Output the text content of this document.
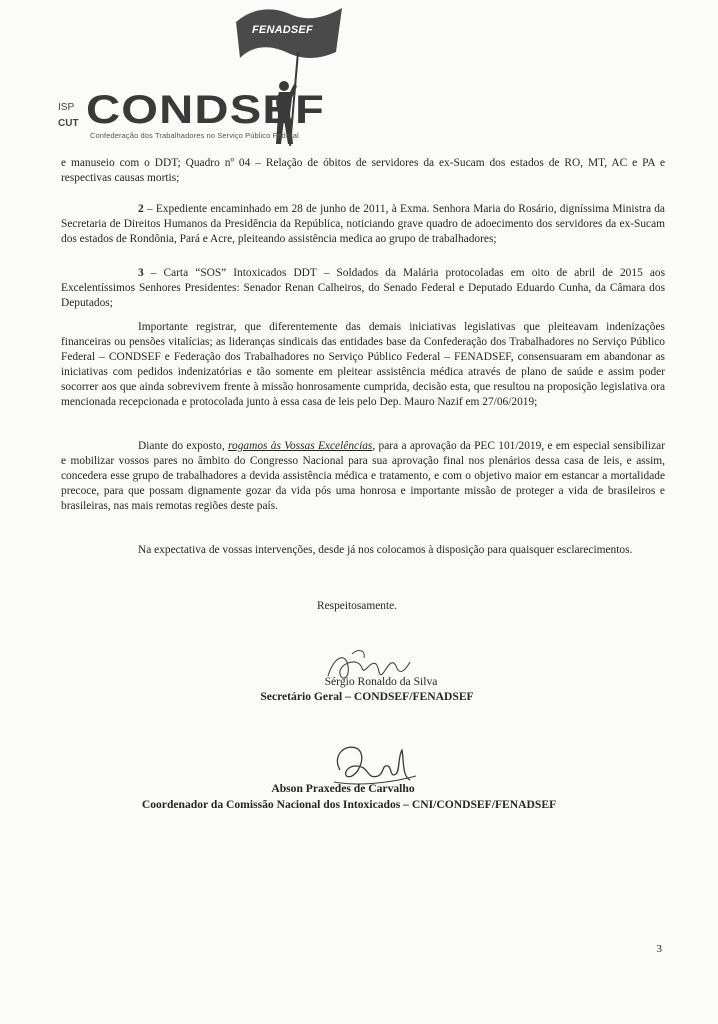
FENADSEF
ISP
CUT CONDSEF
Confederação dos Trabalhadores no Serviço Público Federal

e manuseio com o DDT; Quadro nº 04 – Relação de óbitos de servidores da ex-Sucam dos estados de RO, MT, AC e PA e respectivas causas mortis;

2 – Expediente encaminhado em 28 de junho de 2011, à Exma. Senhora Maria do Rosário, digníssima Ministra da Secretaria de Direitos Humanos da Presidência da República, noticiando grave quadro de adoecimento dos servidores da ex-Sucam dos estados de Rondônia, Pará e Acre, pleiteando assistência medica ao grupo de trabalhadores;

3 – Carta “SOS” Intoxicados DDT – Soldados da Malária protocoladas em oito de abril de 2015 aos Excelentíssimos Senhores Presidentes: Senador Renan Calheiros, do Senado Federal e Deputado Eduardo Cunha, da Câmara dos Deputados;

Importante registrar, que diferentemente das demais iniciativas legislativas que pleiteavam indenizações financeiras ou pensões vitalícias; as lideranças sindicais das entidades base da Confederação dos Trabalhadores no Serviço Público Federal – CONDSEF e Federação dos Trabalhadores no Serviço Público Federal – FENADSEF, consensuaram em abandonar as iniciativas com pedidos indenizatórias e tão somente em pleitear assistência médica através de plano de saúde e assim poder socorrer aos que ainda sobrevivem frente à missão honrosamente cumprida, decisão esta, que resultou na proposição legislativa ora mencionada recepcionada e protocolada junto à essa casa de leis pelo Dep. Mauro Nazif em 27/06/2019;

Diante do exposto, rogamos às Vossas Excelências, para a aprovação da PEC 101/2019, e em especial sensibilizar e mobilizar vossos pares no âmbito do Congresso Nacional para sua aprovação final nos plenários dessa casa de leis, e assim, concedera esse grupo de trabalhadores a devida assistência médica e tratamento, e com o objetivo maior em estancar a mortalidade precoce, para que possam dignamente gozar da vida pós uma honrosa e importante missão de proteger a vida de brasileiros e brasileiras, nas mais remotas regiões deste país.

Na expectativa de vossas intervenções, desde já nos colocamos à disposição para quaisquer esclarecimentos.

Respeitosamente.
Sérgio Ronaldo da Silva
Secretário Geral – CONDSEF/FENADSEF
Abson Praxedes de Carvalho
Coordenador da Comissão Nacional dos Intoxicados – CNI/CONDSEF/FENADSEF
3
